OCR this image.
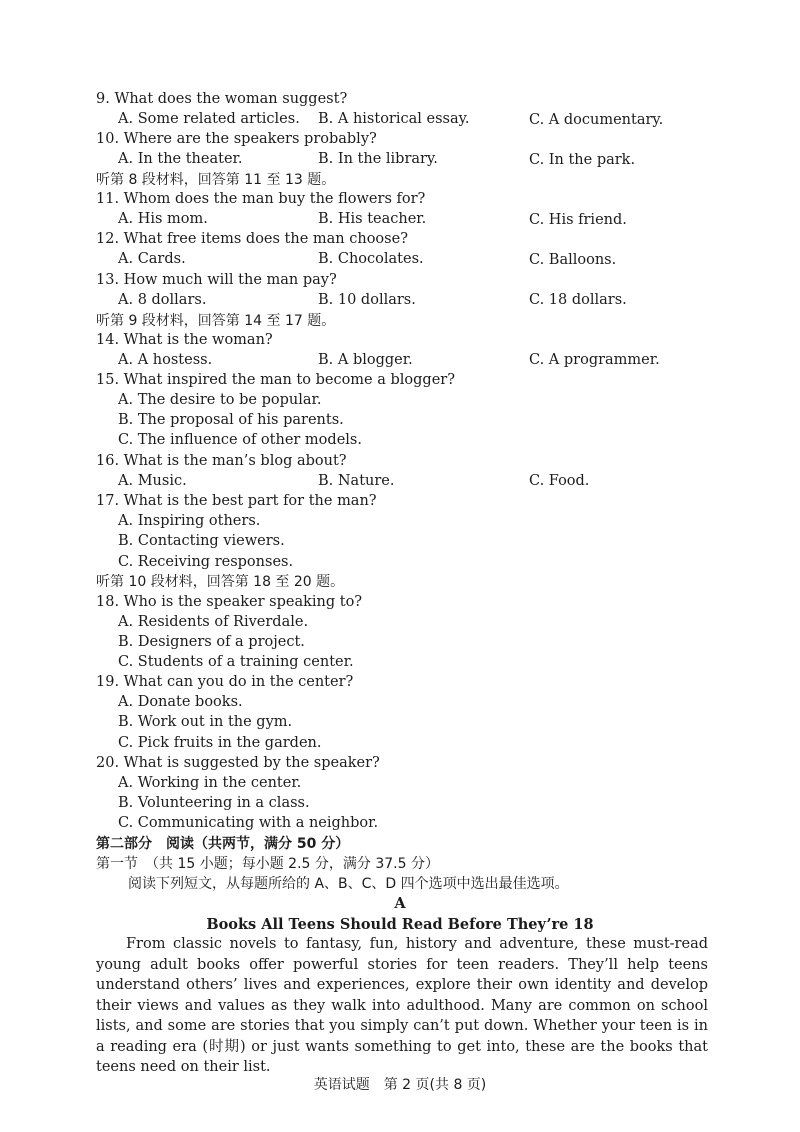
9. What does the woman suggest?
A. Some related articles. B. A historical essay.	C. A documentary.
10. Where are the speakers probably?
A. In the theater.	B. In the library.	C. In the park.
听第 8 段材料，回答第 11 至 13 题。
11. Whom does the man buy the flowers for?
A. His mom.	B. His teacher.	C. His friend.
12. What free items does the man choose?
A. Cards.	B. Chocolates.	C. Balloons.
13. How much will the man pay?
A. 8 dollars.	B. 10 dollars.	C. 18 dollars.
听第 9 段材料，回答第 14 至 17 题。
14. What is the woman?
A. A hostess.	B. A blogger.	C. A programmer.
15. What inspired the man to become a blogger?
A. The desire to be popular.
B. The proposal of his parents.
C. The influence of other models.
16. What is the man’s blog about?
A. Music.	B. Nature.	C. Food.
17. What is the best part for the man?
A. Inspiring others.
B. Contacting viewers.
C. Receiving responses.
听第 10 段材料，回答第 18 至 20 题。
18. Who is the speaker speaking to?
A. Residents of Riverdale.
B. Designers of a project.
C. Students of a training center.
19. What can you do in the center?
A. Donate books.
B. Work out in the gym.
C. Pick fruits in the garden.
20. What is suggested by the speaker?
A. Working in the center.
B. Volunteering in a class.
C. Communicating with a neighbor.
第二部分　阅读（共两节，满分 50 分）
第一节　（共 15 小题；每小题 2.5 分，满分 37.5 分）
阅读下列短文，从每题所给的 A、B、C、D 四个选项中选出最佳选项。
A
Books All Teens Should Read Before They’re 18
From classic novels to fantasy, fun, history and adventure, these must-read young adult books offer powerful stories for teen readers. They’ll help teens understand others’ lives and experiences, explore their own identity and develop their views and values as they walk into adulthood. Many are common on school lists, and some are stories that you simply can’t put down. Whether your teen is in a reading era (时期) or just wants something to get into, these are the books that teens need on their list.
英语试题　第 2 页(共 8 页)
